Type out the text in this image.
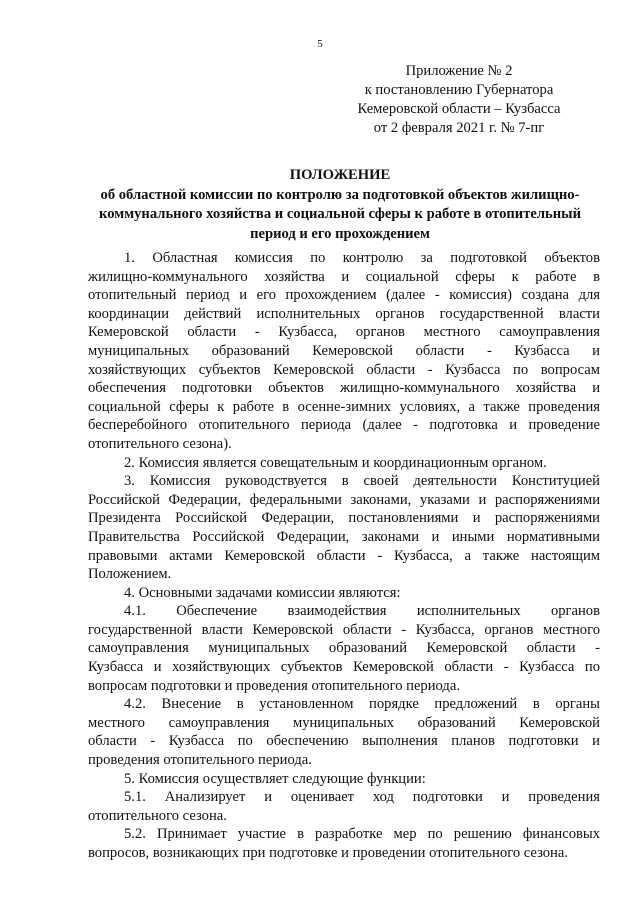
5
Приложение № 2
к постановлению Губернатора
Кемеровской области – Кузбасса
от 2 февраля 2021 г. № 7-пг
ПОЛОЖЕНИЕ
об областной комиссии по контролю за подготовкой объектов жилищно-
коммунального хозяйства и социальной сферы к работе в отопительный
период и его прохождением
1. Областная комиссия по контролю за подготовкой объектов
жилищно-коммунального хозяйства и социальной сферы к работе в
отопительный период и его прохождением (далее - комиссия) создана для
координации действий исполнительных органов государственной власти
Кемеровской области - Кузбасса, органов местного самоуправления
муниципальных образований Кемеровской области - Кузбасса и
хозяйствующих субъектов Кемеровской области - Кузбасса по вопросам
обеспечения подготовки объектов жилищно-коммунального хозяйства и
социальной сферы к работе в осенне-зимних условиях, а также проведения
бесперебойного отопительного периода (далее - подготовка и проведение
отопительного сезона).
2. Комиссия является совещательным и координационным органом.
3. Комиссия руководствуется в своей деятельности Конституцией
Российской Федерации, федеральными законами, указами и распоряжениями
Президента Российской Федерации, постановлениями и распоряжениями
Правительства Российской Федерации, законами и иными нормативными
правовыми актами Кемеровской области - Кузбасса, а также настоящим
Положением.
4. Основными задачами комиссии являются:
4.1. Обеспечение взаимодействия исполнительных органов
государственной власти Кемеровской области - Кузбасса, органов местного
самоуправления муниципальных образований Кемеровской области -
Кузбасса и хозяйствующих субъектов Кемеровской области - Кузбасса по
вопросам подготовки и проведения отопительного периода.
4.2. Внесение в установленном порядке предложений в органы
местного самоуправления муниципальных образований Кемеровской
области - Кузбасса по обеспечению выполнения планов подготовки и
проведения отопительного периода.
5. Комиссия осуществляет следующие функции:
5.1. Анализирует и оценивает ход подготовки и проведения
отопительного сезона.
5.2. Принимает участие в разработке мер по решению финансовых
вопросов, возникающих при подготовке и проведении отопительного сезона.
